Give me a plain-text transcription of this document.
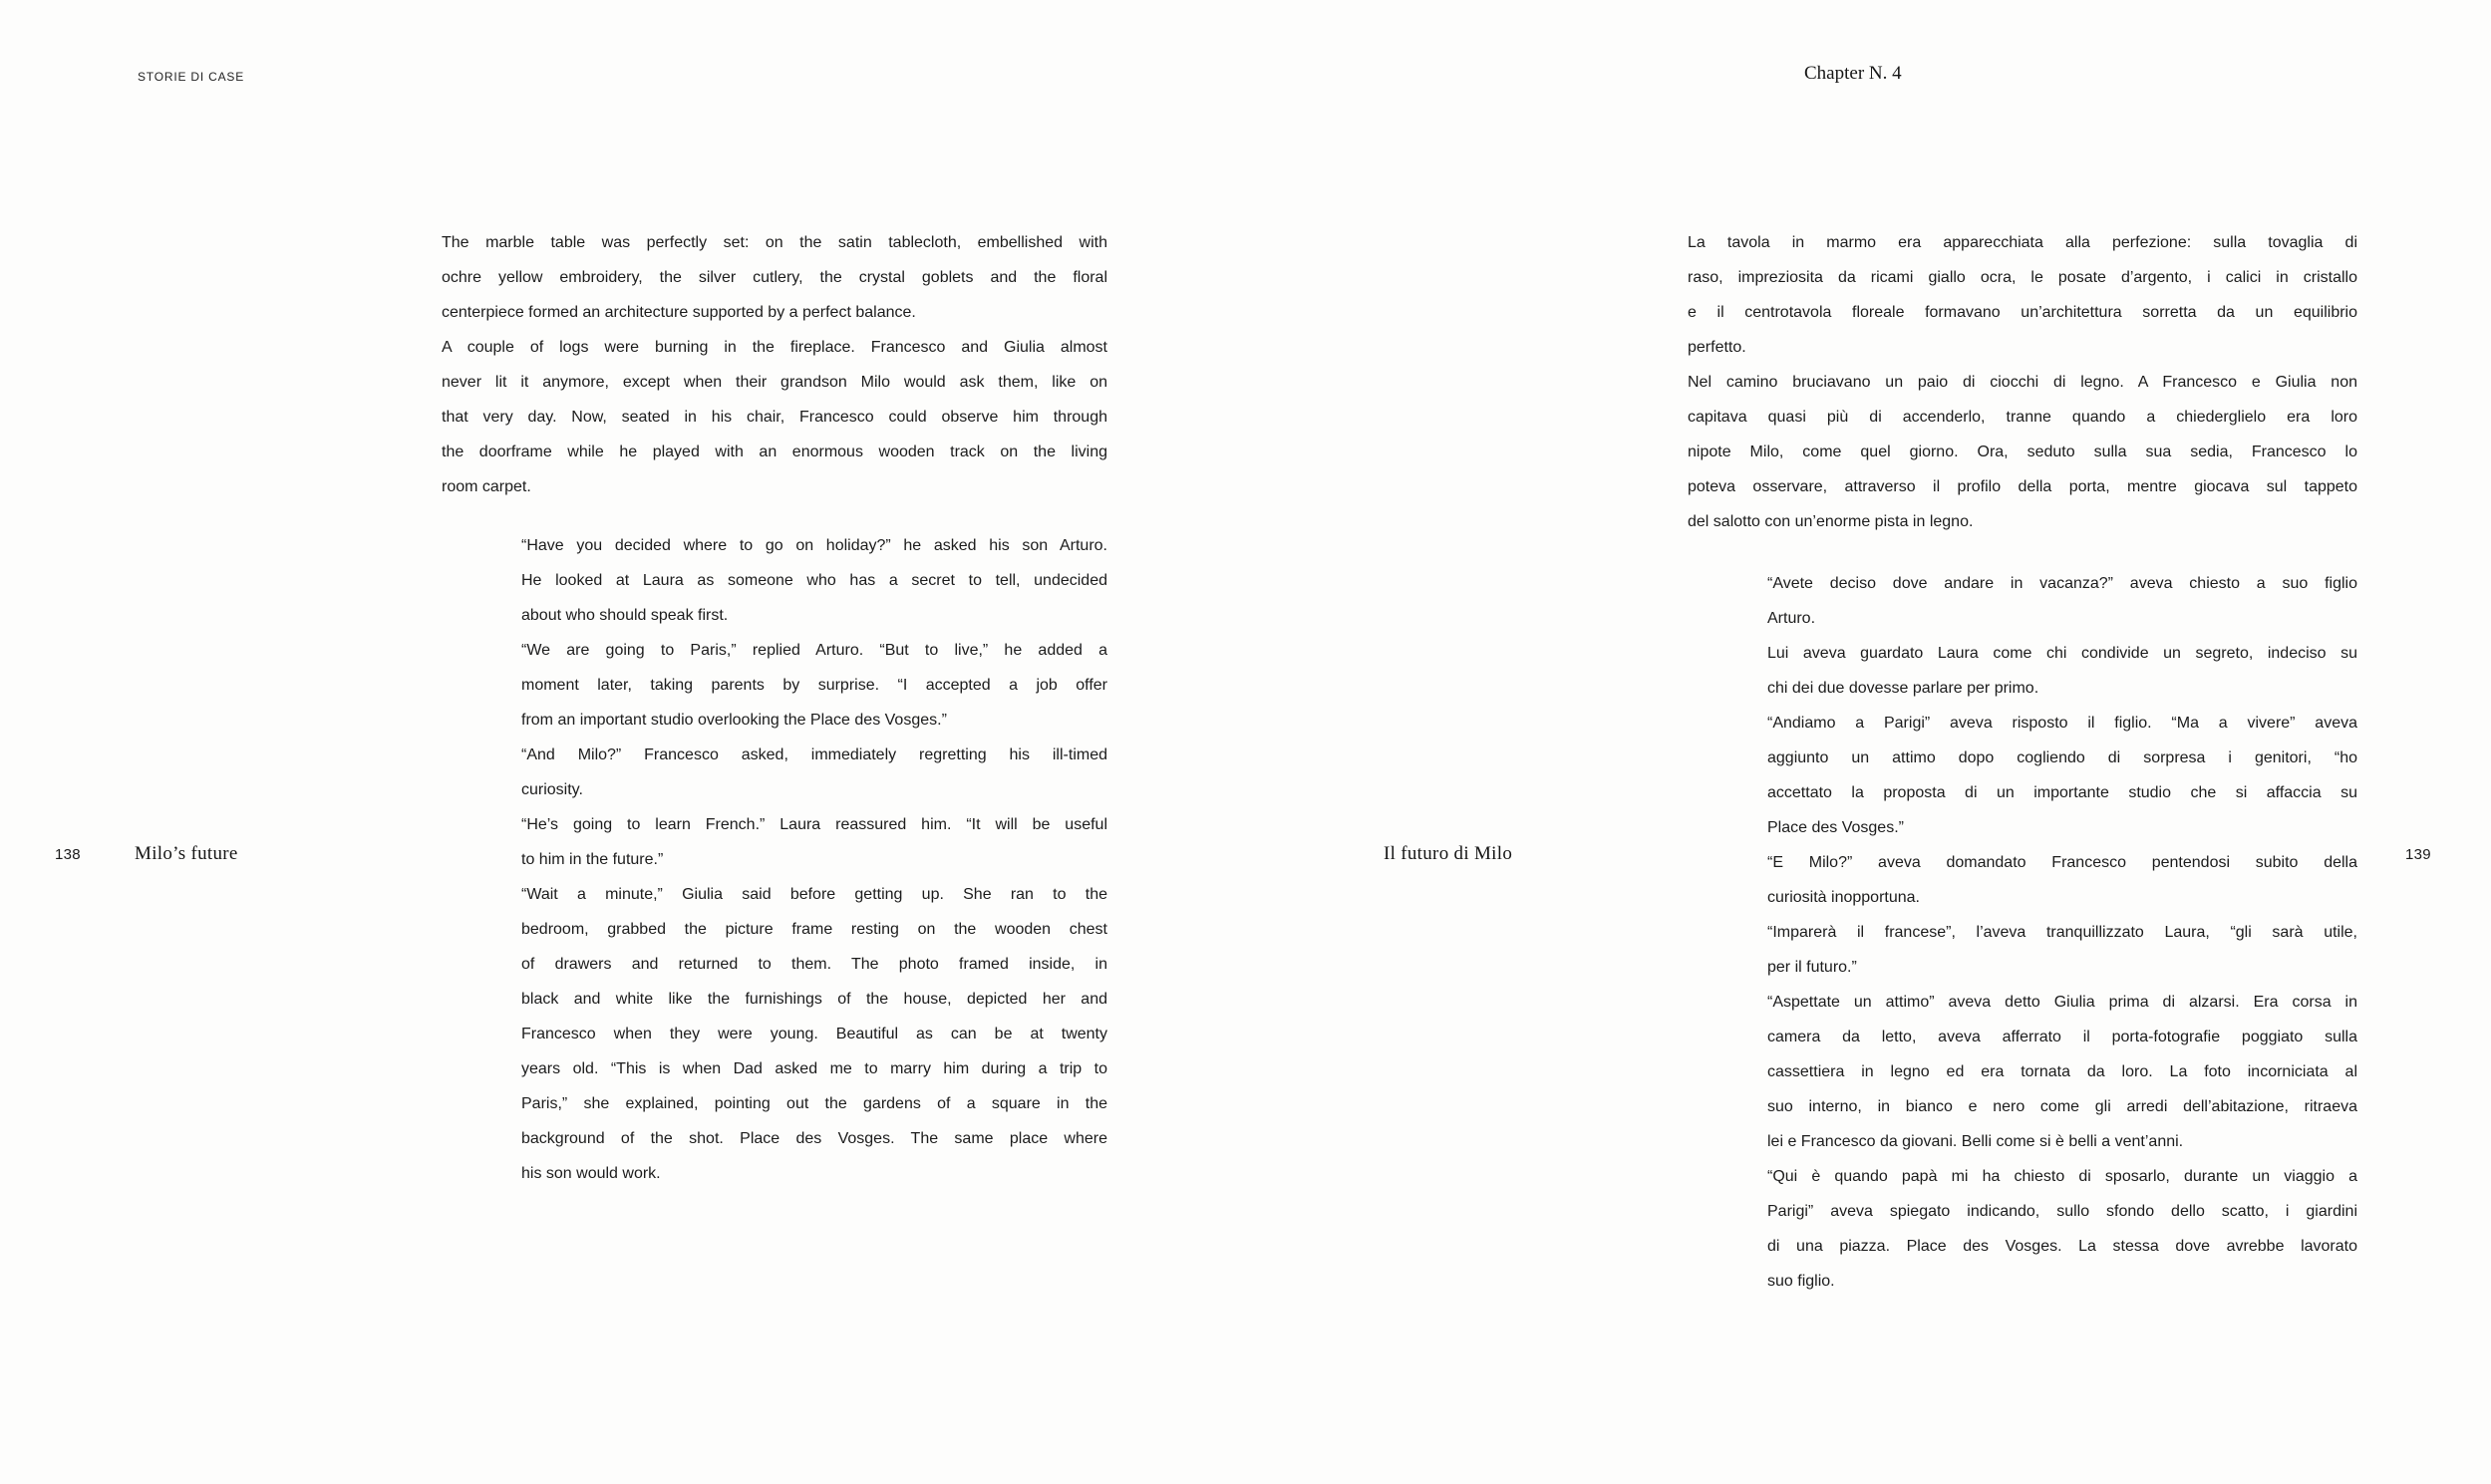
STORIE DI CASE	Chapter N. 4
The marble table was perfectly set: on the satin tablecloth, embellished with
ochre yellow embroidery, the silver cutlery, the crystal goblets and the floral
centerpiece formed an architecture supported by a perfect balance.
A couple of logs were burning in the fireplace. Francesco and Giulia almost
never lit it anymore, except when their grandson Milo would ask them, like on
that very day. Now, seated in his chair, Francesco could observe him through
the doorframe while he played with an enormous wooden track on the living
room carpet.
“Have you decided where to go on holiday?” he asked his son Arturo.
He looked at Laura as someone who has a secret to tell, undecided
about who should speak first.
“We are going to Paris,” replied Arturo. “But to live,” he added a
moment later, taking parents by surprise. “I accepted a job offer
from an important studio overlooking the Place des Vosges.”
“And Milo?” Francesco asked, immediately regretting his ill-timed
curiosity.
“He’s going to learn French.” Laura reassured him. “It will be useful
to him in the future.”
“Wait a minute,” Giulia said before getting up. She ran to the
bedroom, grabbed the picture frame resting on the wooden chest
of drawers and returned to them. The photo framed inside, in
black and white like the furnishings of the house, depicted her and
Francesco when they were young. Beautiful as can be at twenty
years old. “This is when Dad asked me to marry him during a trip to
Paris,” she explained, pointing out the gardens of a square in the
background of the shot. Place des Vosges. The same place where
his son would work.
La tavola in marmo era apparecchiata alla perfezione: sulla tovaglia di
raso, impreziosita da ricami giallo ocra, le posate d’argento, i calici in cristallo
e il centrotavola floreale formavano un’architettura sorretta da un equilibrio
perfetto.
Nel camino bruciavano un paio di ciocchi di legno. A Francesco e Giulia non
capitava quasi più di accenderlo, tranne quando a chiederglielo era loro
nipote Milo, come quel giorno. Ora, seduto sulla sua sedia, Francesco lo
poteva osservare, attraverso il profilo della porta, mentre giocava sul tappeto
del salotto con un’enorme pista in legno.
“Avete deciso dove andare in vacanza?” aveva chiesto a suo figlio
Arturo.
Lui aveva guardato Laura come chi condivide un segreto, indeciso su
chi dei due dovesse parlare per primo.
“Andiamo a Parigi” aveva risposto il figlio. “Ma a vivere” aveva
aggiunto un attimo dopo cogliendo di sorpresa i genitori, “ho
accettato la proposta di un importante studio che si affaccia su
Place des Vosges.”
“E Milo?” aveva domandato Francesco pentendosi subito della
curiosità inopportuna.
“Imparerà il francese”, l’aveva tranquillizzato Laura, “gli sarà utile,
per il futuro.”
“Aspettate un attimo” aveva detto Giulia prima di alzarsi. Era corsa in
camera da letto, aveva afferrato il porta-fotografie poggiato sulla
cassettiera in legno ed era tornata da loro. La foto incorniciata al
suo interno, in bianco e nero come gli arredi dell’abitazione, ritraeva
lei e Francesco da giovani. Belli come si è belli a vent’anni.
“Qui è quando papà mi ha chiesto di sposarlo, durante un viaggio a
Parigi” aveva spiegato indicando, sullo sfondo dello scatto, i giardini
di una piazza. Place des Vosges. La stessa dove avrebbe lavorato
suo figlio.
138	Milo’s future	Il futuro di Milo	139
